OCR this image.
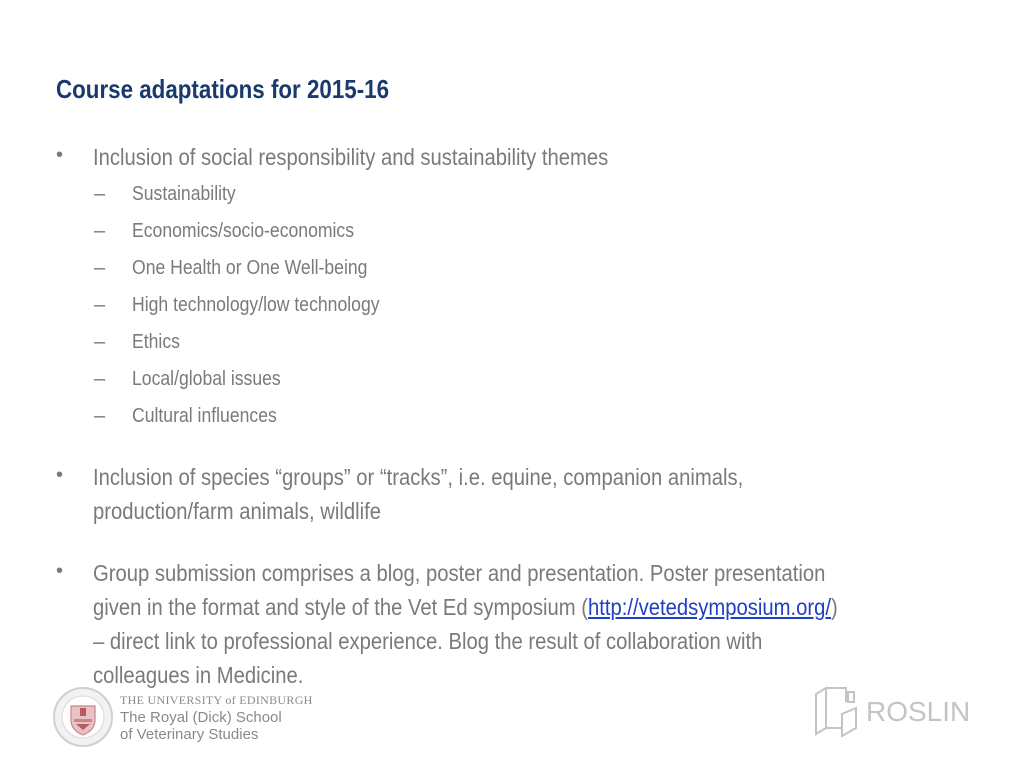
Course adaptations for 2015-16
•	Inclusion of social responsibility and sustainability themes
–	Sustainability
–	Economics/socio-economics
–	One Health or One Well-being
–	High technology/low technology
–	Ethics
–	Local/global issues
–	Cultural influences
•	Inclusion of species “groups” or “tracks”, i.e. equine, companion animals,
production/farm animals, wildlife
•	Group submission comprises a blog, poster and presentation. Poster presentation
given in the format and style of the Vet Ed symposium (http://vetedsymposium.org/)
– direct link to professional experience. Blog the result of collaboration with
colleagues in Medicine.
THE UNIVERSITY of EDINBURGH
The Royal (Dick) School
of Veterinary Studies
ROSLIN
